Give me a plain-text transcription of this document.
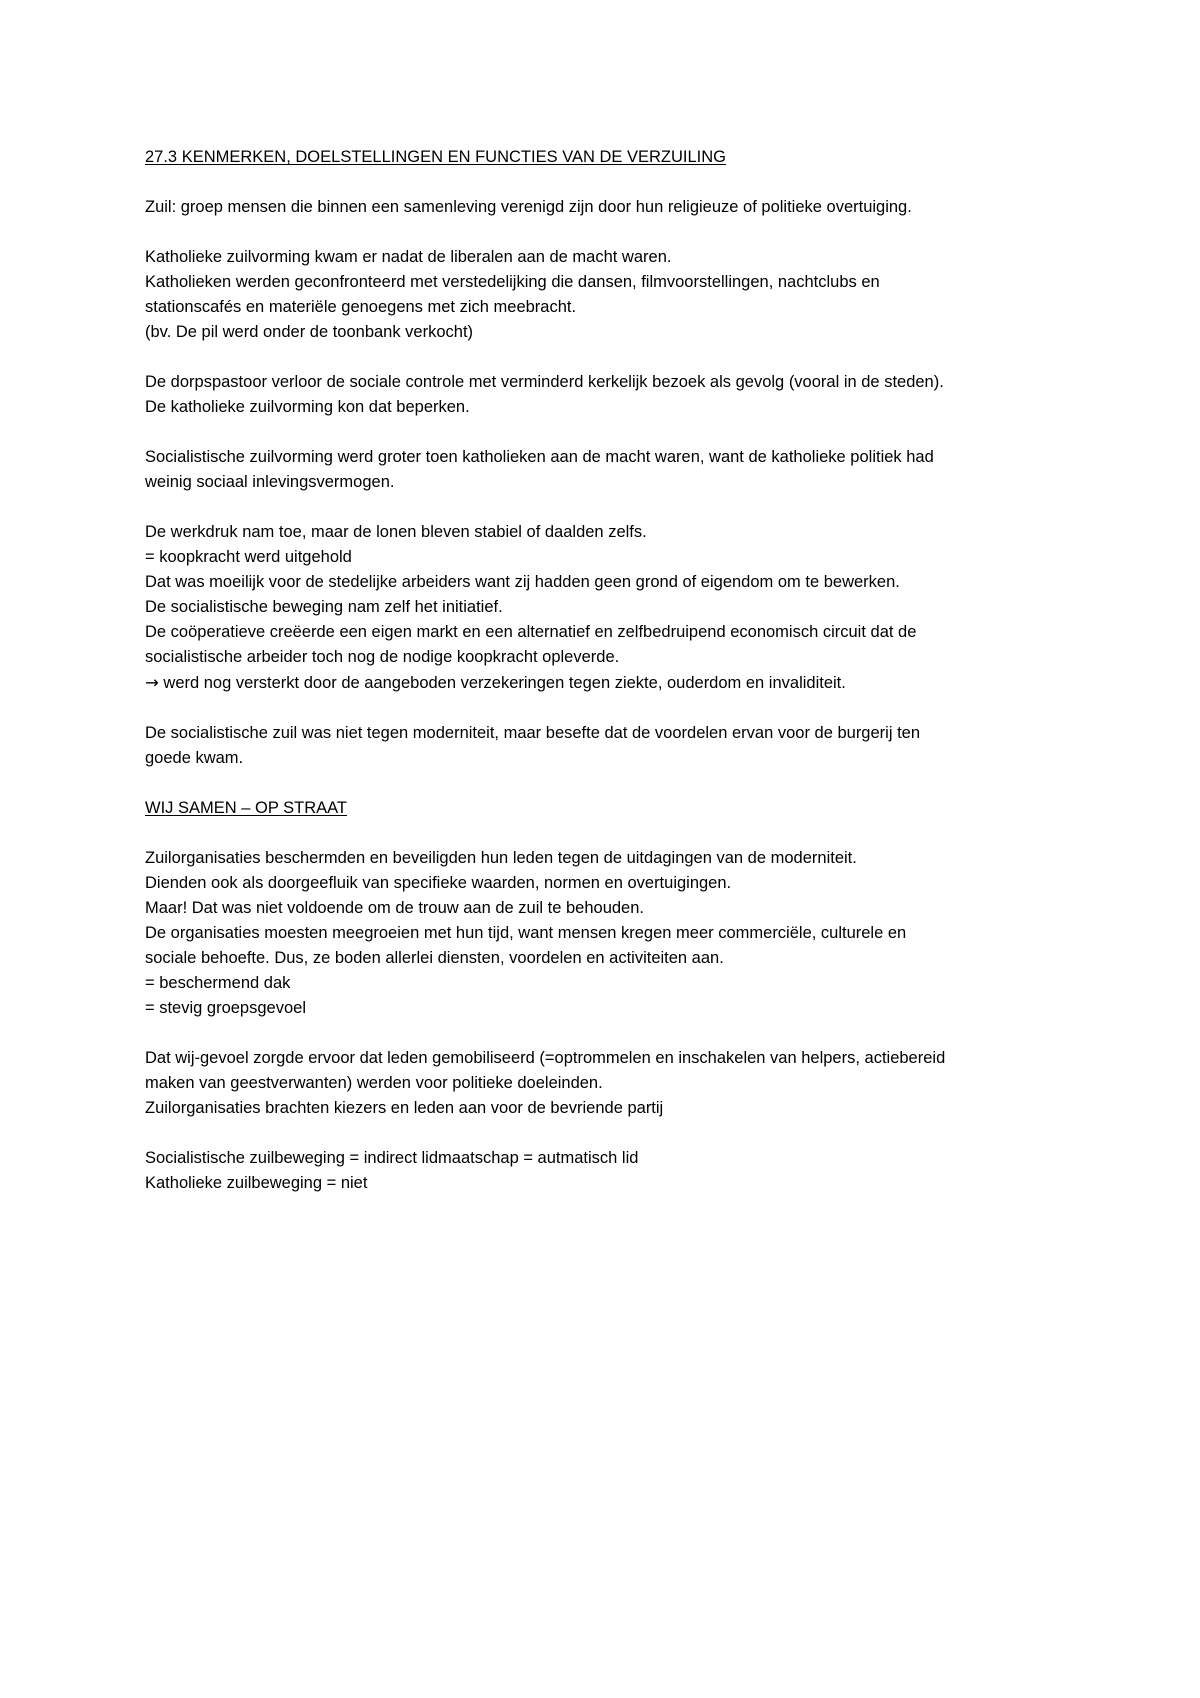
27.3 KENMERKEN, DOELSTELLINGEN EN FUNCTIES VAN DE VERZUILING
Zuil: groep mensen die binnen een samenleving verenigd zijn door hun religieuze of politieke overtuiging.
Katholieke zuilvorming kwam er nadat de liberalen aan de macht waren.
Katholieken werden geconfronteerd met verstedelijking die dansen, filmvoorstellingen, nachtclubs en
stationscafés en materiële genoegens met zich meebracht.
(bv. De pil werd onder de toonbank verkocht)
De dorpspastoor verloor de sociale controle met verminderd kerkelijk bezoek als gevolg (vooral in de steden).
De katholieke zuilvorming kon dat beperken.
Socialistische zuilvorming werd groter toen katholieken aan de macht waren, want de katholieke politiek had
weinig sociaal inlevingsvermogen.
De werkdruk nam toe, maar de lonen bleven stabiel of daalden zelfs.
= koopkracht werd uitgehold
Dat was moeilijk voor de stedelijke arbeiders want zij hadden geen grond of eigendom om te bewerken.
De socialistische beweging nam zelf het initiatief.
De coöperatieve creëerde een eigen markt en een alternatief en zelfbedruipend economisch circuit dat de
socialistische arbeider toch nog de nodige koopkracht opleverde.
→ werd nog versterkt door de aangeboden verzekeringen tegen ziekte, ouderdom en invaliditeit.
De socialistische zuil was niet tegen moderniteit, maar besefte dat de voordelen ervan voor de burgerij ten
goede kwam.
WIJ SAMEN – OP STRAAT
Zuilorganisaties beschermden en beveiligden hun leden tegen de uitdagingen van de moderniteit.
Dienden ook als doorgeefluik van specifieke waarden, normen en overtuigingen.
Maar! Dat was niet voldoende om de trouw aan de zuil te behouden.
De organisaties moesten meegroeien met hun tijd, want mensen kregen meer commerciële, culturele en
sociale behoefte. Dus, ze boden allerlei diensten, voordelen en activiteiten aan.
= beschermend dak
= stevig groepsgevoel
Dat wij-gevoel zorgde ervoor dat leden gemobiliseerd (=optrommelen en inschakelen van helpers, actiebereid
maken van geestverwanten) werden voor politieke doeleinden.
Zuilorganisaties brachten kiezers en leden aan voor de bevriende partij
Socialistische zuilbeweging = indirect lidmaatschap = autmatisch lid
Katholieke zuilbeweging = niet
